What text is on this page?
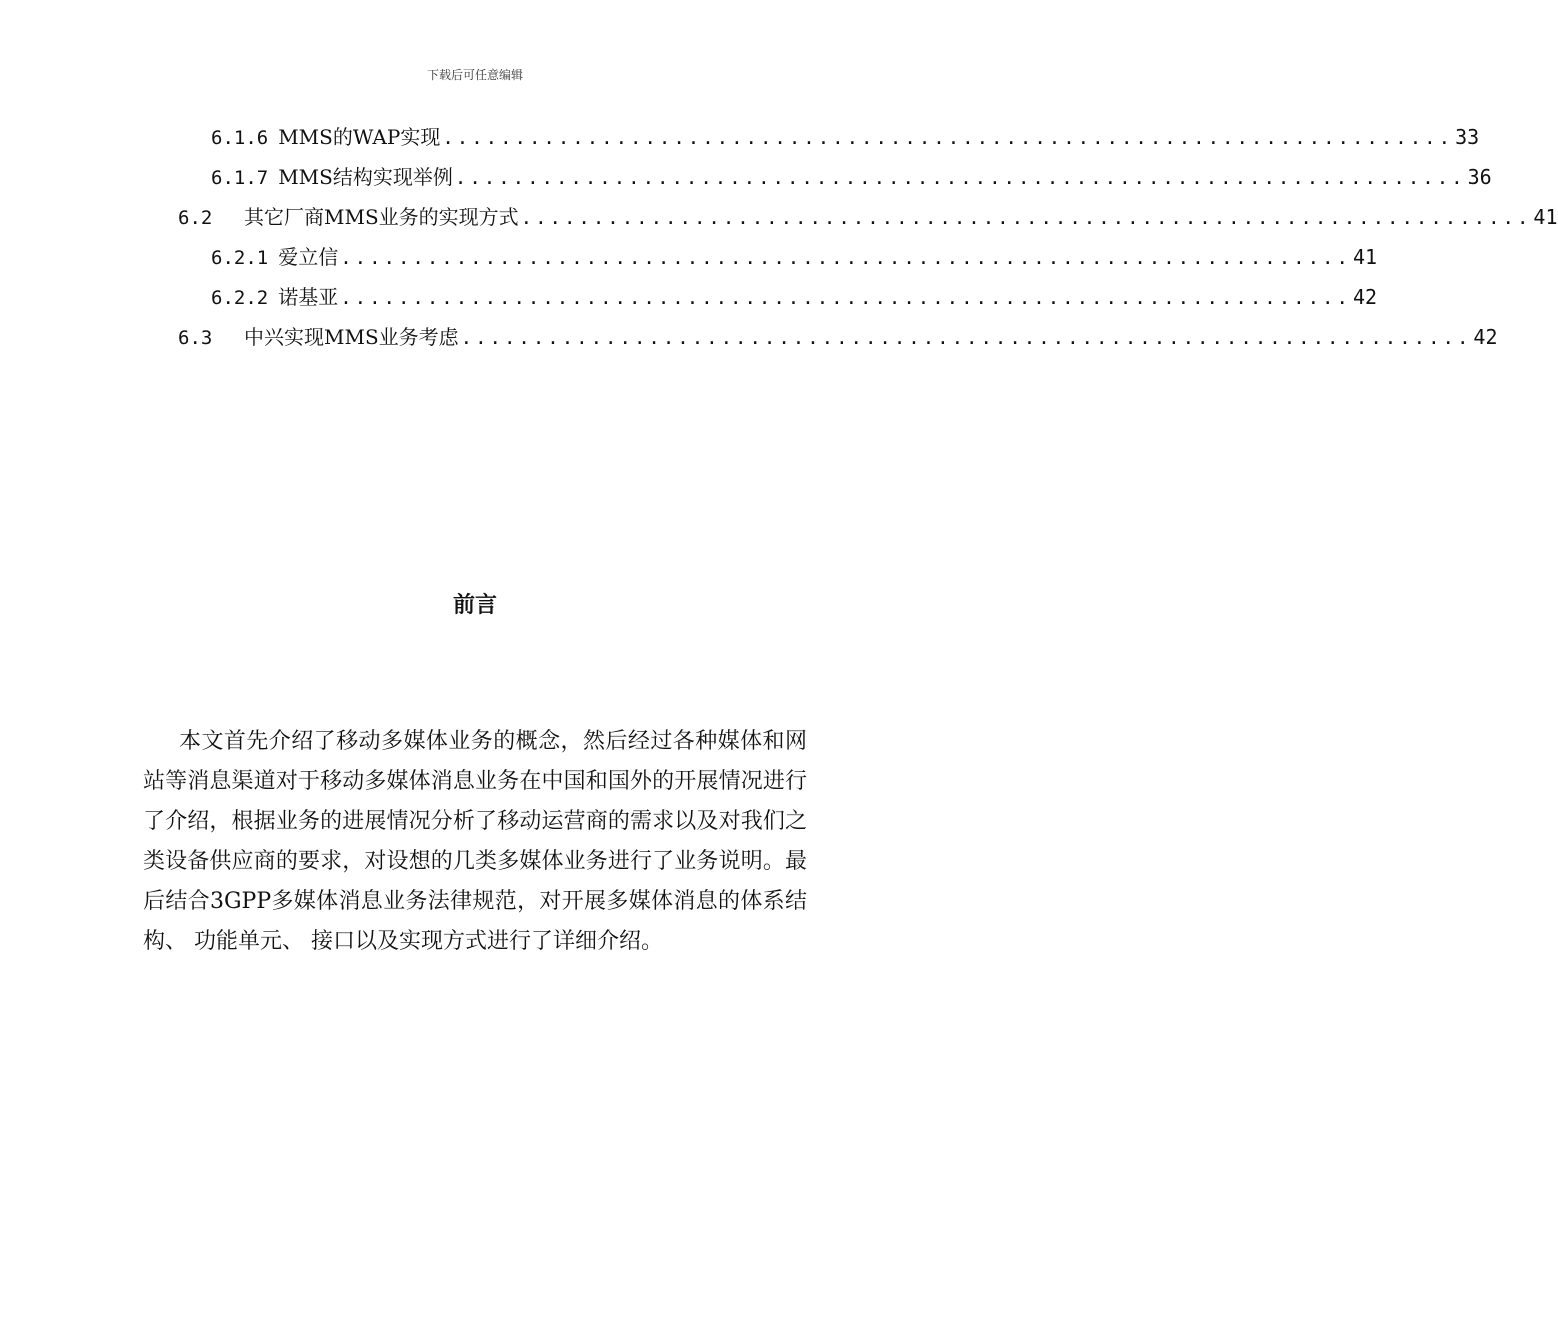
下载后可任意编辑
6.1.6 MMS的WAP实现 ...................................................................... 33
6.1.7 MMS结构实现举例 ...................................................................... 36
6.2	其它厂商MMS业务的实现方式 ...................................................................... 41
6.2.1 爱立信 ...................................................................... 41
6.2.2 诺基亚 ...................................................................... 42
6.3	中兴实现MMS业务考虑 ...................................................................... 42
前言

本文首先介绍了移动多媒体业务的概念，然后经过各种媒体和网站等消息渠道对于移动多媒体消息业务在中国和国外的开展情况进行了介绍，根据业务的进展情况分析了移动运营商的需求以及对我们之类设备供应商的要求，对设想的几类多媒体业务进行了业务说明。最后结合3GPP多媒体消息业务法律规范，对开展多媒体消息的体系结构、 功能单元、 接口以及实现方式进行了详细介绍。
